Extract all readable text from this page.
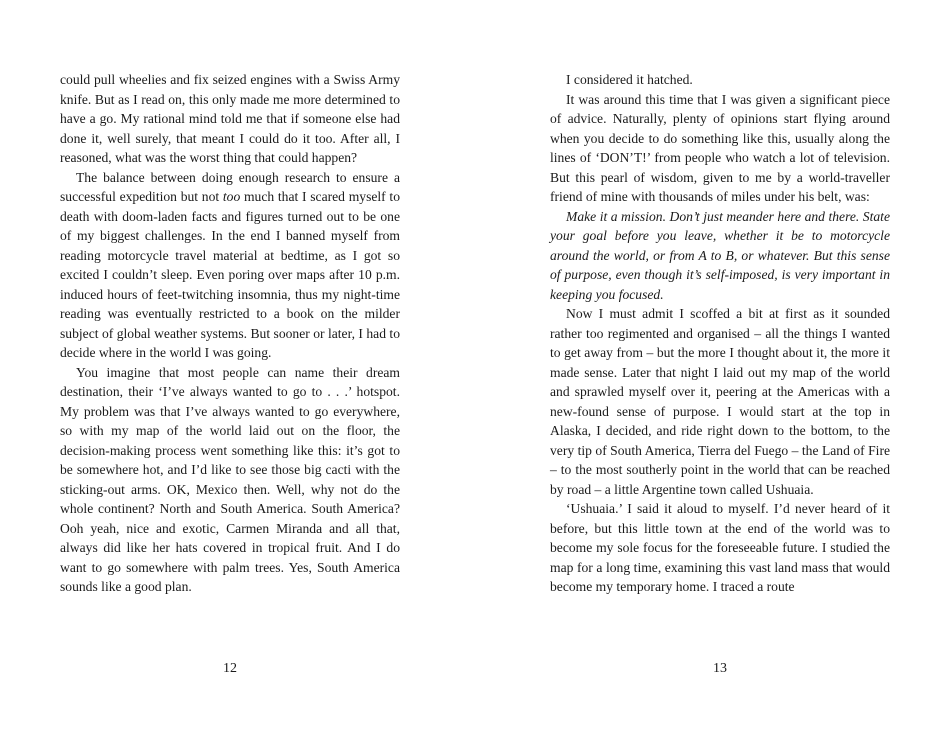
could pull wheelies and fix seized engines with a Swiss Army knife. But as I read on, this only made me more determined to have a go. My rational mind told me that if someone else had done it, well surely, that meant I could do it too. After all, I reasoned, what was the worst thing that could happen?

The balance between doing enough research to ensure a successful expedition but not too much that I scared myself to death with doom-laden facts and figures turned out to be one of my biggest challenges. In the end I banned myself from reading motorcycle travel material at bedtime, as I got so excited I couldn’t sleep. Even poring over maps after 10 p.m. induced hours of feet-twitching insomnia, thus my night-time reading was eventually restricted to a book on the milder subject of global weather systems. But sooner or later, I had to decide where in the world I was going.

You imagine that most people can name their dream destination, their ‘I’ve always wanted to go to . . .’ hotspot. My problem was that I’ve always wanted to go everywhere, so with my map of the world laid out on the floor, the decision-making process went something like this: it’s got to be somewhere hot, and I’d like to see those big cacti with the sticking-out arms. OK, Mexico then. Well, why not do the whole continent? North and South America. South America? Ooh yeah, nice and exotic, Carmen Miranda and all that, always did like her hats covered in tropical fruit. And I do want to go somewhere with palm trees. Yes, South America sounds like a good plan.

12

I considered it hatched.

It was around this time that I was given a significant piece of advice. Naturally, plenty of opinions start flying around when you decide to do something like this, usually along the lines of ‘DON’T!’ from people who watch a lot of television. But this pearl of wisdom, given to me by a world-traveller friend of mine with thousands of miles under his belt, was:

Make it a mission. Don’t just meander here and there. State your goal before you leave, whether it be to motorcycle around the world, or from A to B, or whatever. But this sense of purpose, even though it’s self-imposed, is very important in keeping you focused.

Now I must admit I scoffed a bit at first as it sounded rather too regimented and organised – all the things I wanted to get away from – but the more I thought about it, the more it made sense. Later that night I laid out my map of the world and sprawled myself over it, peering at the Americas with a new-found sense of purpose. I would start at the top in Alaska, I decided, and ride right down to the bottom, to the very tip of South America, Tierra del Fuego – the Land of Fire – to the most southerly point in the world that can be reached by road – a little Argentine town called Ushuaia.

‘Ushuaia.’ I said it aloud to myself. I’d never heard of it before, but this little town at the end of the world was to become my sole focus for the foreseeable future. I studied the map for a long time, examining this vast land mass that would become my temporary home. I traced a route

13
